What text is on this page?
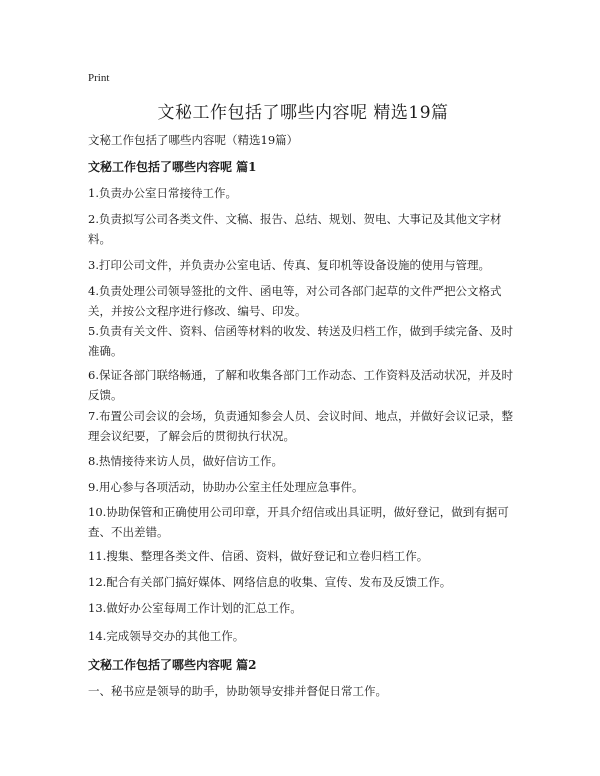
Print
文秘工作包括了哪些内容呢 精选19篇

文秘工作包括了哪些内容呢（精选19篇）

文秘工作包括了哪些内容呢 篇1

1.负责办公室日常接待工作。

2.负责拟写公司各类文件、文稿、报告、总结、规划、贺电、大事记及其他文字材料。

3.打印公司文件，并负责办公室电话、传真、复印机等设备设施的使用与管理。

4.负责处理公司领导签批的文件、函电等，对公司各部门起草的文件严把公文格式关，并按公文程序进行修改、编号、印发。

5.负责有关文件、资料、信函等材料的收发、转送及归档工作，做到手续完备、及时准确。

6.保证各部门联络畅通，了解和收集各部门工作动态、工作资料及活动状况，并及时反馈。

7.布置公司会议的会场，负责通知参会人员、会议时间、地点，并做好会议记录，整理会议纪要，了解会后的贯彻执行状况。

8.热情接待来访人员，做好信访工作。

9.用心参与各项活动，协助办公室主任处理应急事件。

10.协助保管和正确使用公司印章，开具介绍信或出具证明，做好登记，做到有据可查、不出差错。

11.搜集、整理各类文件、信函、资料，做好登记和立卷归档工作。

12.配合有关部门搞好媒体、网络信息的收集、宣传、发布及反馈工作。

13.做好办公室每周工作计划的汇总工作。

14.完成领导交办的其他工作。

文秘工作包括了哪些内容呢 篇2

一、秘书应是领导的助手，协助领导安排并督促日常工作。
